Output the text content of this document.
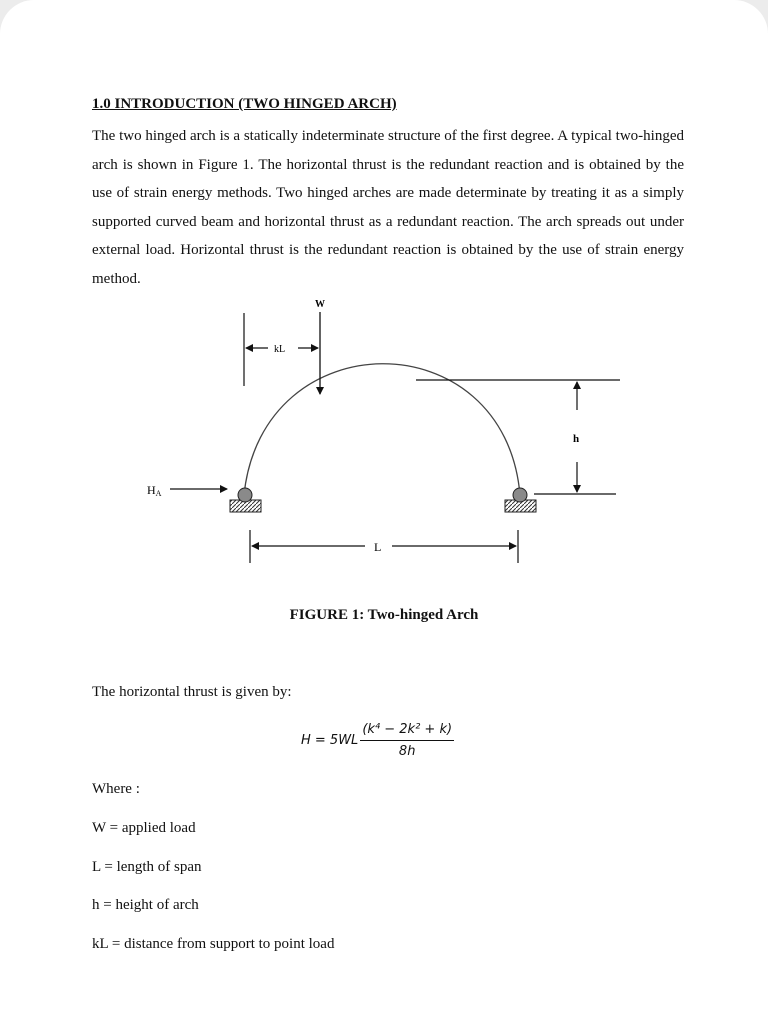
1.0 INTRODUCTION (TWO HINGED ARCH)

The two hinged arch is a statically indeterminate structure of the first degree. A typical two-hinged arch is shown in Figure 1. The horizontal thrust is the redundant reaction and is obtained by the use of strain energy methods. Two hinged arches are made determinate by treating it as a simply supported curved beam and horizontal thrust as a redundant reaction. The arch spreads out under external load. Horizontal thrust is the redundant reaction is obtained by the use of strain energy method.

W
kL
h
HA
L
FIGURE 1: Two-hinged Arch
The horizontal thrust is given by:
$H = 5WL \frac{\text{(k⁴ − 2k² + k)}}{8h}$
Where :
W = applied load
L = length of span
h = height of arch
kL = distance from support to point load
